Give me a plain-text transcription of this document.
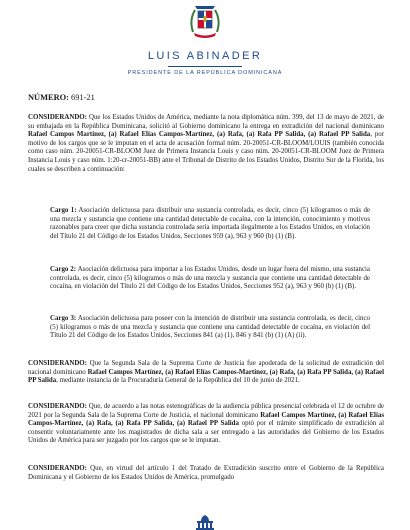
LUIS ABINADER
PRESIDENTE DE LA REPÚBLICA DOMINICANA
NÚMERO: 691-21

CONSIDERANDO: Que los Estados Unidos de América, mediante la nota diplomática núm. 399, del 13 de mayo de 2021, de su embajada en la República Dominicana, solicitó al Gobierno dominicano la entrega en extradición del nacional dominicano Rafael Campos Martínez, (a) Rafael Elías Campos-Martínez, (a) Rafa, (a) Rafa PP Salida, (a) Rafael PP Salida, por motivo de los cargos que se le imputan en el acta de acusación formal núm. 20-20051-CR-BLOOM/LOUIS (también conocida como caso núm. 20-20051-CR-BLOOM Juez de Primera Instancia Louis y caso núm. 20-20051-CR-BLOOM Juez de Primera Instancia Louis y caso núm. 1:20-cr-20051-BB) ante el Tribunal de Distrito de los Estados Unidos, Distrito Sur de la Florida, los cuales se describen a continuación:

Cargo 1: Asociación delictuosa para distribuir una sustancia controlada, es decir, cinco (5) kilogramos o más de una mezcla y sustancia que contiene una cantidad detectable de cocaína, con la intención, conocimiento y motivos razonables para creer que dicha sustancia controlada sería importada ilegalmente a los Estados Unidos, en violación del Título 21 del Código de los Estados Unidos, Secciones 959 (a), 963 y 960 (b) (1) (B).

Cargo 2: Asociación delictuosa para importar a los Estados Unidos, desde un lugar fuera del mismo, una sustancia controlada, es decir, cinco (5) kilogramos o más de una mezcla y sustancia que contiene una cantidad detectable de cocaína, en violación del Título 21 del Código de los Estados Unidos, Secciones 952 (a), 963 y 960 (b) (1) (B).

Cargo 3: Asociación delictuosa para poseer con la intención de distribuir una sustancia controlada, es decir, cinco (5) kilogramos o más de una mezcla y sustancia que contiene una cantidad detectable de cocaína, en violación del Título 21 del Código de los Estados Unidos, Secciones 841 (a) (1), 846 y 841 (b) (1) (A) (ii).

CONSIDERANDO: Que la Segunda Sala de la Suprema Corte de Justicia fue apoderada de la solicitud de extradición del nacional dominicano Rafael Campos Martínez, (a) Rafael Elías Campos-Martínez, (a) Rafa, (a) Rafa PP Salida, (a) Rafael PP Salida, mediante instancia de la Procuraduría General de la República del 10 de junio de 2021.

CONSIDERANDO: Que, de acuerdo a las notas estenográficas de la audiencia pública presencial celebrada el 12 de octubre de 2021 por la Segunda Sala de la Suprema Corte de Justicia, el nacional dominicano Rafael Campos Martínez, (a) Rafael Elías Campos-Martínez, (a) Rafa, (a) Rafa PP Salida, (a) Rafael PP Salida optó por el trámite simplificado de extradición al consentir voluntariamente ante los magistrados de dicha sala a ser entregado a las autoridades del Gobierno de los Estados Unidos de América para ser juzgado por los cargos que se le imputan.

CONSIDERANDO: Que, en virtud del artículo 1 del Tratado de Extradición suscrito entre el Gobierno de la República Dominicana y el Gobierno de los Estados Unidos de América, promulgado
